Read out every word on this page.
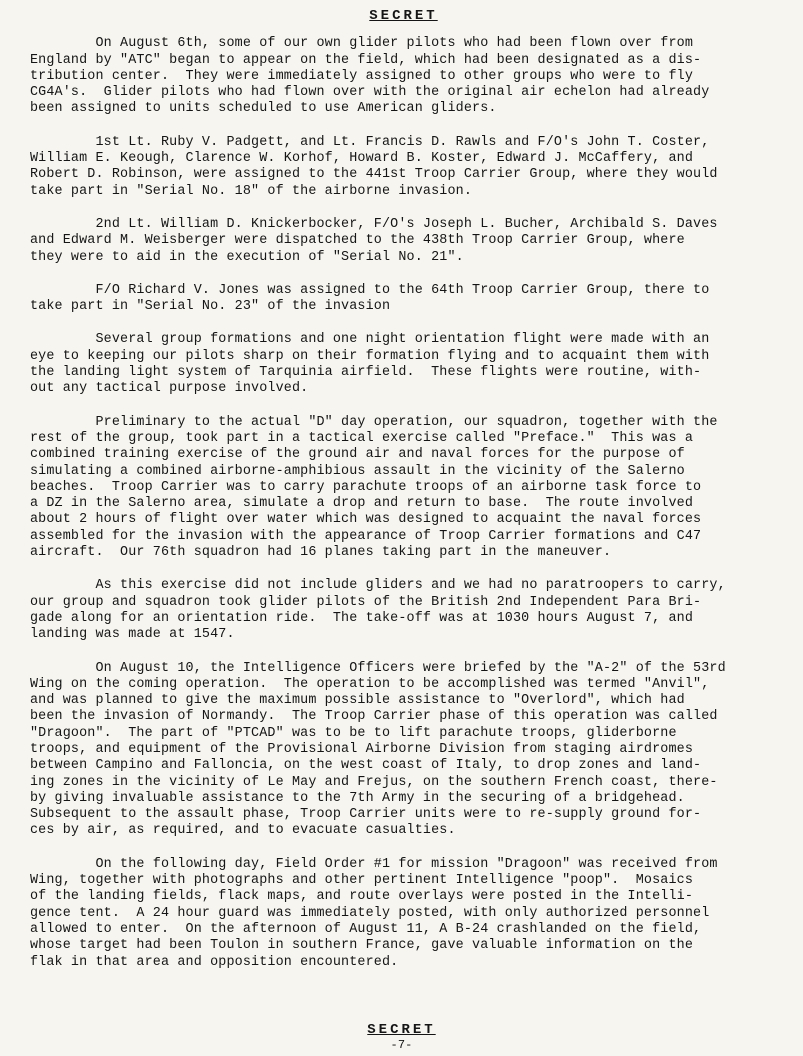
SECRET
On August 6th, some of our own glider pilots who had been flown over from
England by "ATC" began to appear on the field, which had been designated as a dis-
tribution center.  They were immediately assigned to other groups who were to fly
CG4A's.  Glider pilots who had flown over with the original air echelon had already
been assigned to units scheduled to use American gliders.
1st Lt. Ruby V. Padgett, and Lt. Francis D. Rawls and F/O's John T. Coster,
William E. Keough, Clarence W. Korhof, Howard B. Koster, Edward J. McCaffery, and
Robert D. Robinson, were assigned to the 441st Troop Carrier Group, where they would
take part in "Serial No. 18" of the airborne invasion.
2nd Lt. William D. Knickerbocker, F/O's Joseph L. Bucher, Archibald S. Daves
and Edward M. Weisberger were dispatched to the 438th Troop Carrier Group, where
they were to aid in the execution of "Serial No. 21".
F/O Richard V. Jones was assigned to the 64th Troop Carrier Group, there to
take part in "Serial No. 23" of the invasion
Several group formations and one night orientation flight were made with an
eye to keeping our pilots sharp on their formation flying and to acquaint them with
the landing light system of Tarquinia airfield.  These flights were routine, with-
out any tactical purpose involved.
Preliminary to the actual "D" day operation, our squadron, together with the
rest of the group, took part in a tactical exercise called "Preface."  This was a
combined training exercise of the ground air and naval forces for the purpose of
simulating a combined airborne-amphibious assault in the vicinity of the Salerno
beaches.  Troop Carrier was to carry parachute troops of an airborne task force to
a DZ in the Salerno area, simulate a drop and return to base.  The route involved
about 2 hours of flight over water which was designed to acquaint the naval forces
assembled for the invasion with the appearance of Troop Carrier formations and C47
aircraft.  Our 76th squadron had 16 planes taking part in the maneuver.
As this exercise did not include gliders and we had no paratroopers to carry,
our group and squadron took glider pilots of the British 2nd Independent Para Bri-
gade along for an orientation ride.  The take-off was at 1030 hours August 7, and
landing was made at 1547.
On August 10, the Intelligence Officers were briefed by the "A-2" of the 53rd
Wing on the coming operation.  The operation to be accomplished was termed "Anvil",
and was planned to give the maximum possible assistance to "Overlord", which had
been the invasion of Normandy.  The Troop Carrier phase of this operation was called
"Dragoon".  The part of "PTCAD" was to be to lift parachute troops, gliderborne
troops, and equipment of the Provisional Airborne Division from staging airdromes
between Campino and Falloncia, on the west coast of Italy, to drop zones and land-
ing zones in the vicinity of Le May and Frejus, on the southern French coast, there-
by giving invaluable assistance to the 7th Army in the securing of a bridgehead.
Subsequent to the assault phase, Troop Carrier units were to re-supply ground for-
ces by air, as required, and to evacuate casualties.
On the following day, Field Order #1 for mission "Dragoon" was received from
Wing, together with photographs and other pertinent Intelligence "poop".  Mosaics
of the landing fields, flack maps, and route overlays were posted in the Intelli-
gence tent.  A 24 hour guard was immediately posted, with only authorized personnel
allowed to enter.  On the afternoon of August 11, A B-24 crashlanded on the field,
whose target had been Toulon in southern France, gave valuable information on the
flak in that area and opposition encountered.
SECRET
-7-
